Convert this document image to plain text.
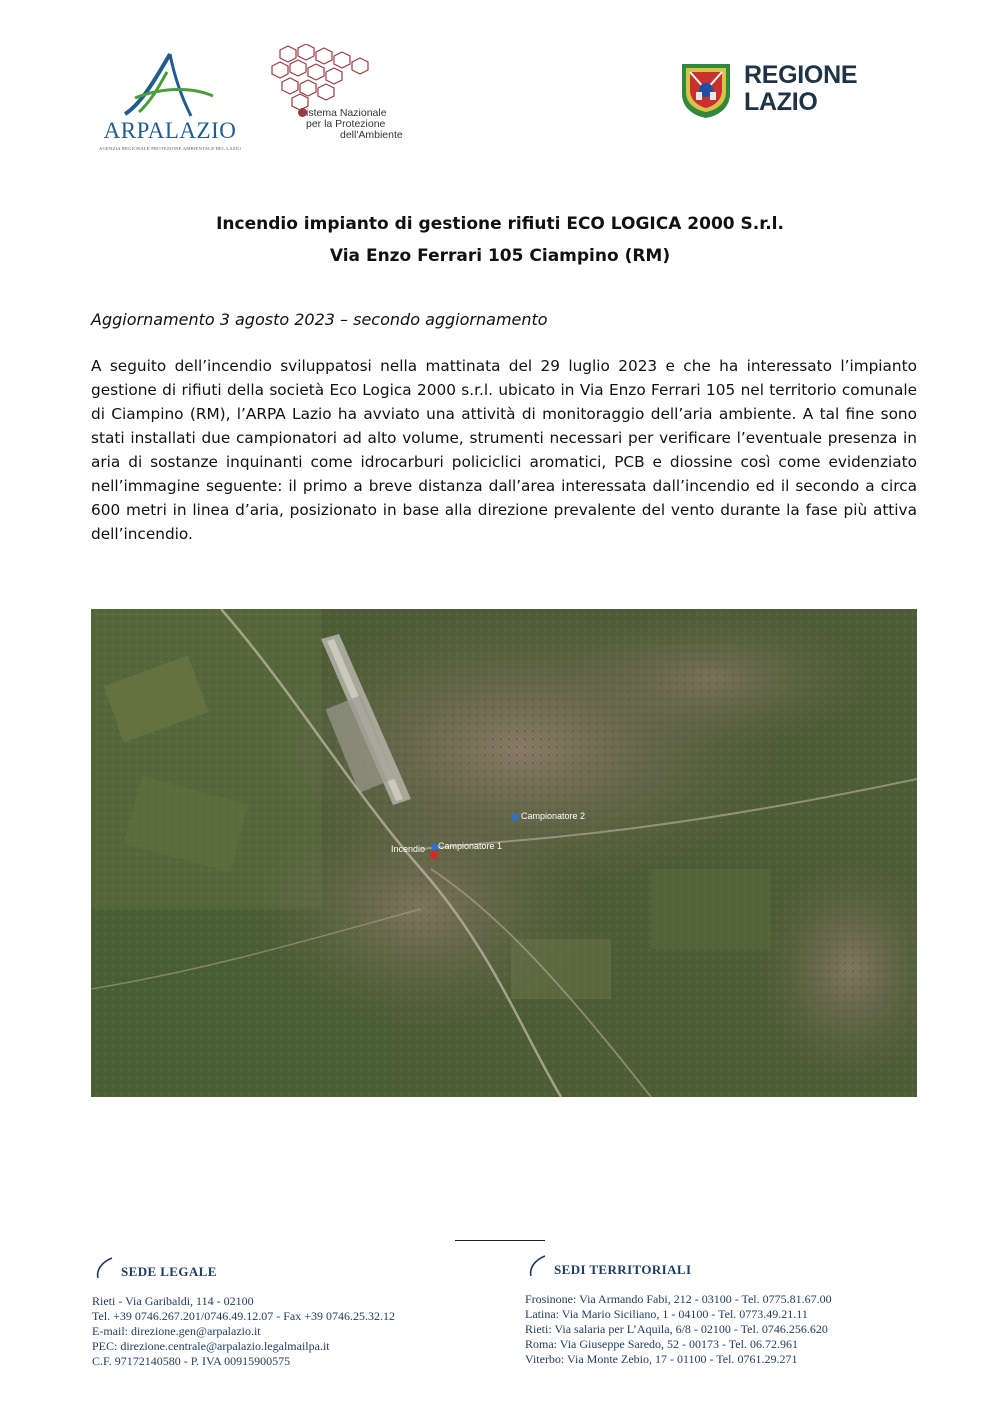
ARPALAZIO
AGENZIA REGIONALE PROTEZIONE AMBIENTALE DEL LAZIO
istema Nazionale
per la Protezione
dell'Ambiente
REGIONE
LAZIO
Incendio impianto di gestione rifiuti ECO LOGICA 2000 S.r.l.
Via Enzo Ferrari 105 Ciampino (RM)
Aggiornamento 3 agosto 2023 – secondo aggiornamento

A seguito dell’incendio sviluppatosi nella mattinata del 29 luglio 2023 e che ha interessato l’impianto gestione di rifiuti della società Eco Logica 2000 s.r.l. ubicato in Via Enzo Ferrari 105 nel territorio comunale di Ciampino (RM), l’ARPA Lazio ha avviato una attività di monitoraggio dell’aria ambiente. A tal fine sono stati installati due campionatori ad alto volume, strumenti necessari per verificare l’eventuale presenza in aria di sostanze inquinanti come idrocarburi policiclici aromatici, PCB e diossine così come evidenziato nell’immagine seguente: il primo a breve distanza dall’area interessata dall’incendio ed il secondo a circa 600 metri in linea d’aria, posizionato in base alla direzione prevalente del vento durante la fase più attiva dell’incendio.

Incendio Campionatore 1
Campionatore 2
SEDE LEGALE
Rieti - Via Garibaldi, 114 - 02100
Tel. +39 0746.267.201/0746.49.12.07 - Fax +39 0746.25.32.12
E-mail: direzione.gen@arpalazio.it
PEC: direzione.centrale@arpalazio.legalmailpa.it
C.F. 97172140580 - P. IVA 00915900575
SEDI TERRITORIALI
Frosinone: Via Armando Fabi, 212 - 03100 - Tel. 0775.81.67.00
Latina: Via Mario Siciliano, 1 - 04100 - Tel. 0773.49.21.11
Rieti: Via salaria per L’Aquila, 6/8 - 02100 - Tel. 0746.256.620
Roma: Via Giuseppe Saredo, 52 - 00173 - Tel. 06.72.961
Viterbo: Via Monte Zebio, 17 - 01100 - Tel. 0761.29.271
